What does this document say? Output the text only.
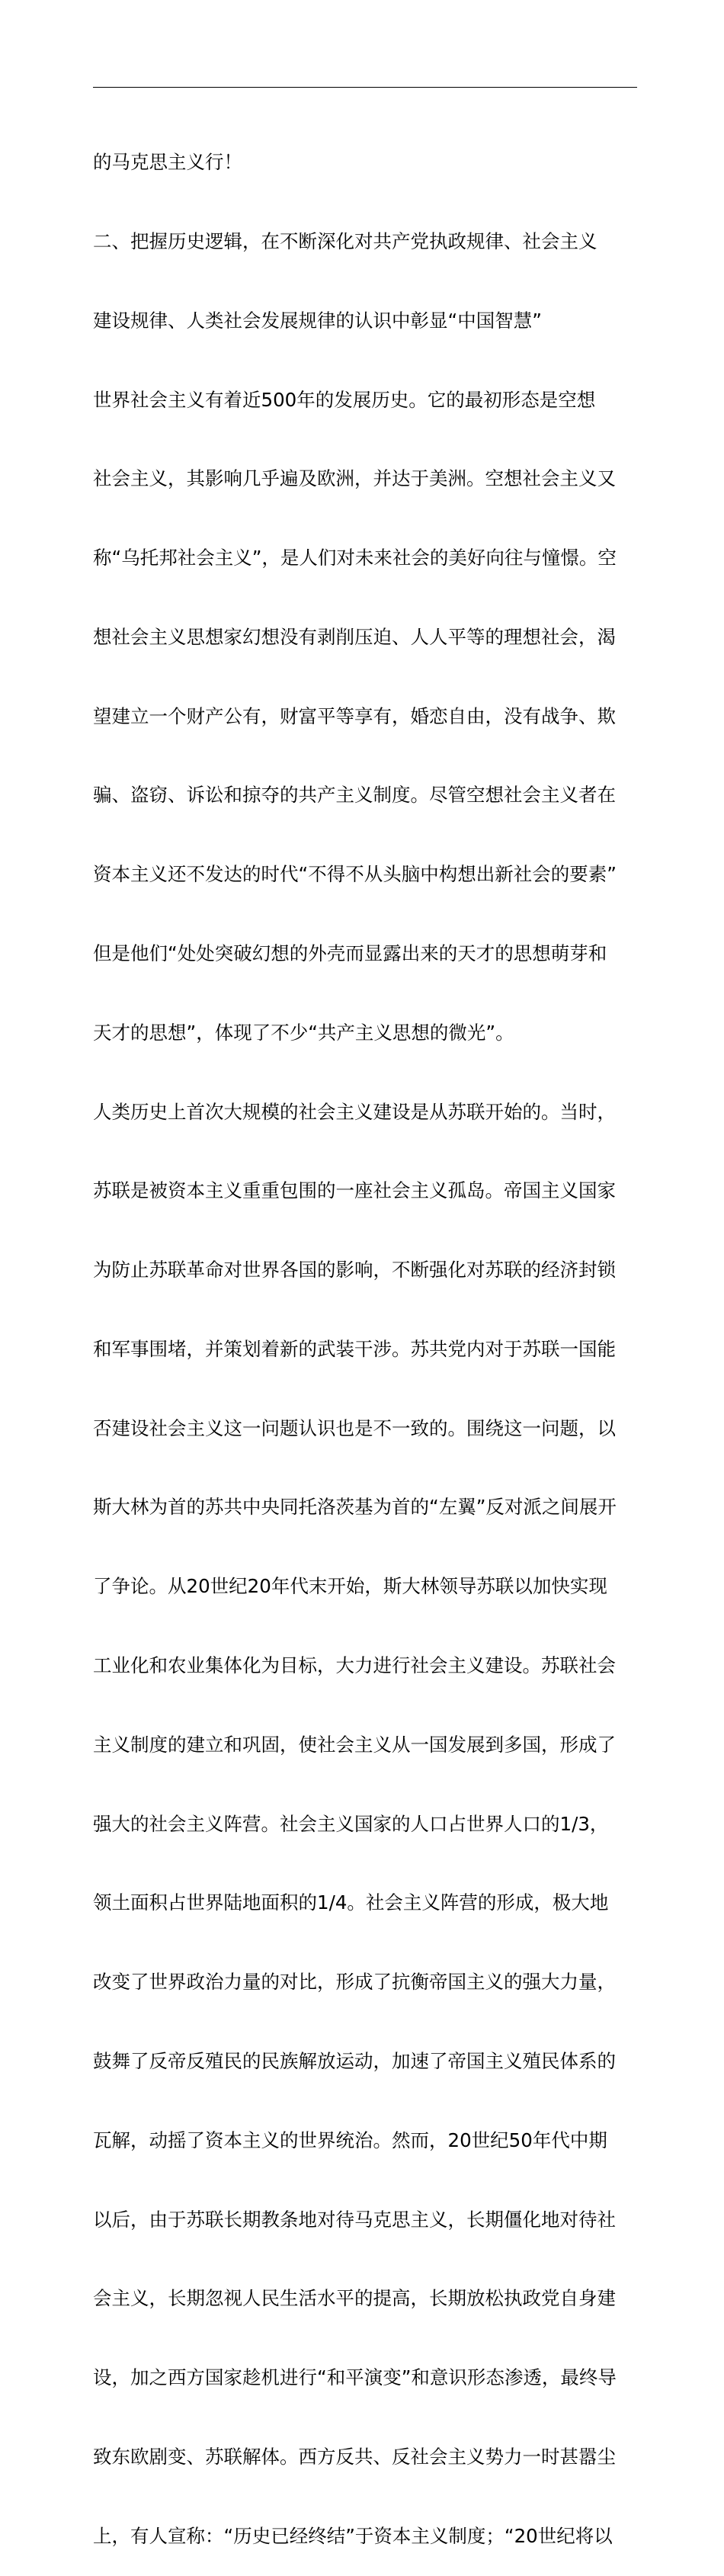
的马克思主义行！

二、把握历史逻辑，在不断深化对共产党执政规律、社会主义

建设规律、人类社会发展规律的认识中彰显“中国智慧”

世界社会主义有着近500年的发展历史。它的最初形态是空想

社会主义，其影响几乎遍及欧洲，并达于美洲。空想社会主义又

称“乌托邦社会主义”，是人们对未来社会的美好向往与憧憬。空

想社会主义思想家幻想没有剥削压迫、人人平等的理想社会，渴

望建立一个财产公有，财富平等享有，婚恋自由，没有战争、欺

骗、盗窃、诉讼和掠夺的共产主义制度。尽管空想社会主义者在

资本主义还不发达的时代“不得不从头脑中构想出新社会的要素”

但是他们“处处突破幻想的外壳而显露出来的天才的思想萌芽和

天才的思想”，体现了不少“共产主义思想的微光”。

人类历史上首次大规模的社会主义建设是从苏联开始的。当时，

苏联是被资本主义重重包围的一座社会主义孤岛。帝国主义国家

为防止苏联革命对世界各国的影响，不断强化对苏联的经济封锁

和军事围堵，并策划着新的武装干涉。苏共党内对于苏联一国能

否建设社会主义这一问题认识也是不一致的。围绕这一问题，以

斯大林为首的苏共中央同托洛茨基为首的“左翼”反对派之间展开

了争论。从20世纪20年代末开始，斯大林领导苏联以加快实现

工业化和农业集体化为目标，大力进行社会主义建设。苏联社会

主义制度的建立和巩固，使社会主义从一国发展到多国，形成了

强大的社会主义阵营。社会主义国家的人口占世界人口的1/3，

领土面积占世界陆地面积的1/4。社会主义阵营的形成，极大地

改变了世界政治力量的对比，形成了抗衡帝国主义的强大力量，

鼓舞了反帝反殖民的民族解放运动，加速了帝国主义殖民体系的

瓦解，动摇了资本主义的世界统治。然而，20世纪50年代中期

以后，由于苏联长期教条地对待马克思主义，长期僵化地对待社

会主义，长期忽视人民生活水平的提高，长期放松执政党自身建

设，加之西方国家趁机进行“和平演变”和意识形态渗透，最终导

致东欧剧变、苏联解体。西方反共、反社会主义势力一时甚嚣尘

上，有人宣称：“历史已经终结”于资本主义制度；“20世纪将以
